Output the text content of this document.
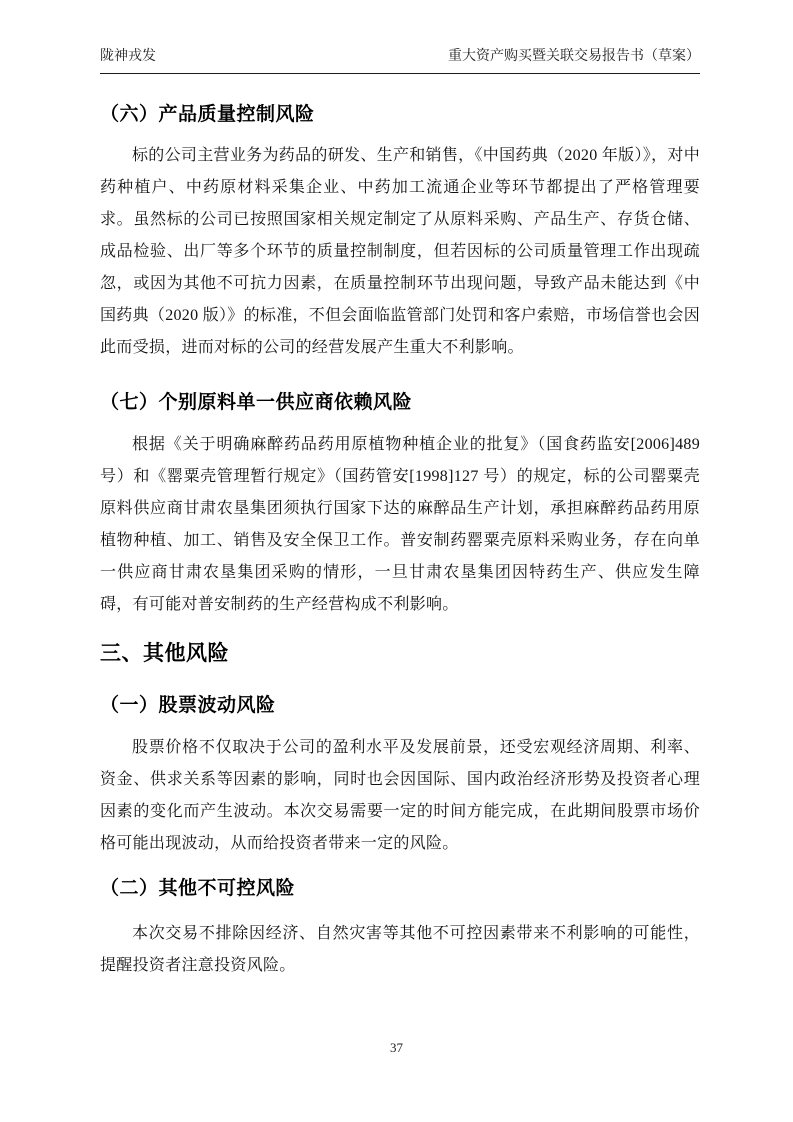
陇神戎发	重大资产购买暨关联交易报告书（草案）
（六）产品质量控制风险

标的公司主营业务为药品的研发、生产和销售，《中国药典（2020 年版）》，对中药种植户、中药原材料采集企业、中药加工流通企业等环节都提出了严格管理要求。虽然标的公司已按照国家相关规定制定了从原料采购、产品生产、存货仓储、成品检验、出厂等多个环节的质量控制制度，但若因标的公司质量管理工作出现疏忽，或因为其他不可抗力因素，在质量控制环节出现问题，导致产品未能达到《中国药典（2020 版）》的标准，不但会面临监管部门处罚和客户索赔，市场信誉也会因此而受损，进而对标的公司的经营发展产生重大不利影响。

（七）个别原料单一供应商依赖风险

根据《关于明确麻醉药品药用原植物种植企业的批复》（国食药监安[2006]489 号）和《罂粟壳管理暂行规定》（国药管安[1998]127 号）的规定，标的公司罂粟壳原料供应商甘肃农垦集团须执行国家下达的麻醉品生产计划，承担麻醉药品药用原植物种植、加工、销售及安全保卫工作。普安制药罂粟壳原料采购业务，存在向单一供应商甘肃农垦集团采购的情形，一旦甘肃农垦集团因特药生产、供应发生障碍，有可能对普安制药的生产经营构成不利影响。

三、其他风险
（一）股票波动风险

股票价格不仅取决于公司的盈利水平及发展前景，还受宏观经济周期、利率、资金、供求关系等因素的影响，同时也会因国际、国内政治经济形势及投资者心理因素的变化而产生波动。本次交易需要一定的时间方能完成，在此期间股票市场价格可能出现波动，从而给投资者带来一定的风险。

（二）其他不可控风险

本次交易不排除因经济、自然灾害等其他不可控因素带来不利影响的可能性，提醒投资者注意投资风险。

37
